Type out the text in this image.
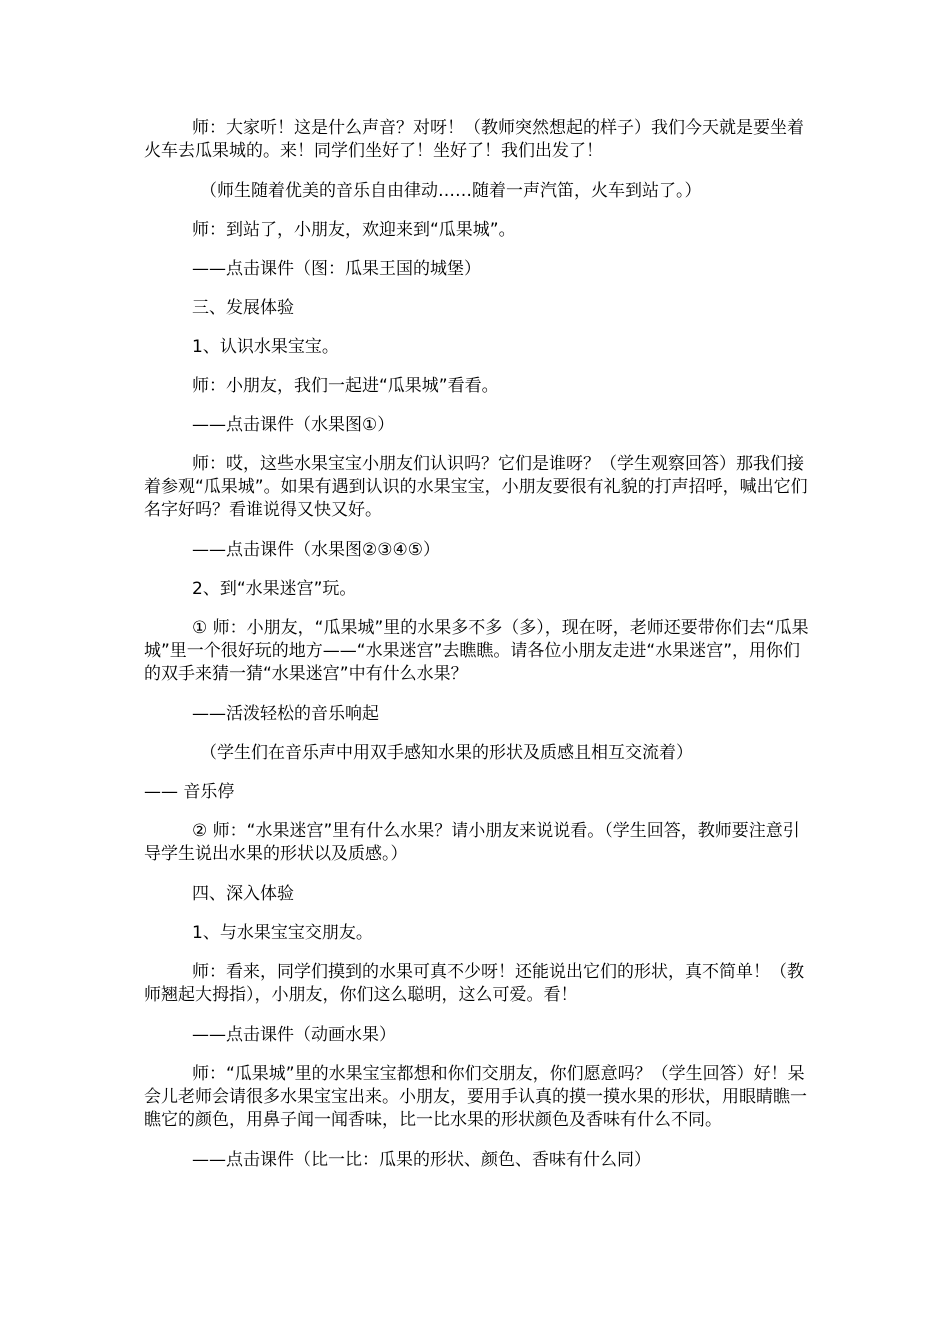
师：大家听！这是什么声音？对呀！（教师突然想起的样子）我们今天就是要坐着火车去瓜果城的。来！同学们坐好了！坐好了！我们出发了！
（师生随着优美的音乐自由律动……随着一声汽笛，火车到站了。）
师：到站了，小朋友，欢迎来到“瓜果城”。
——点击课件（图：瓜果王国的城堡）
三、发展体验
1、认识水果宝宝。
师：小朋友，我们一起进“瓜果城”看看。
——点击课件（水果图①）
师：哎，这些水果宝宝小朋友们认识吗？它们是谁呀？（学生观察回答）那我们接着参观“瓜果城”。如果有遇到认识的水果宝宝，小朋友要很有礼貌的打声招呼，喊出它们名字好吗？看谁说得又快又好。
——点击课件（水果图②③④⑤）
2、到“水果迷宫”玩。
① 师：小朋友，“瓜果城”里的水果多不多（多），现在呀，老师还要带你们去“瓜果城”里一个很好玩的地方——“水果迷宫”去瞧瞧。请各位小朋友走进“水果迷宫”，用你们的双手来猜一猜“水果迷宫”中有什么水果？
——活泼轻松的音乐响起
（学生们在音乐声中用双手感知水果的形状及质感且相互交流着）
—— 音乐停
② 师：“水果迷宫”里有什么水果？请小朋友来说说看。（学生回答，教师要注意引导学生说出水果的形状以及质感。）
四、深入体验
1、与水果宝宝交朋友。
师：看来，同学们摸到的水果可真不少呀！还能说出它们的形状，真不简单！（教师翘起大拇指），小朋友，你们这么聪明，这么可爱。看！
——点击课件（动画水果）
师：“瓜果城”里的水果宝宝都想和你们交朋友，你们愿意吗？（学生回答）好！呆会儿老师会请很多水果宝宝出来。小朋友，要用手认真的摸一摸水果的形状，用眼睛瞧一瞧它的颜色，用鼻子闻一闻香味，比一比水果的形状颜色及香味有什么不同。
——点击课件（比一比：瓜果的形状、颜色、香味有什么同）
